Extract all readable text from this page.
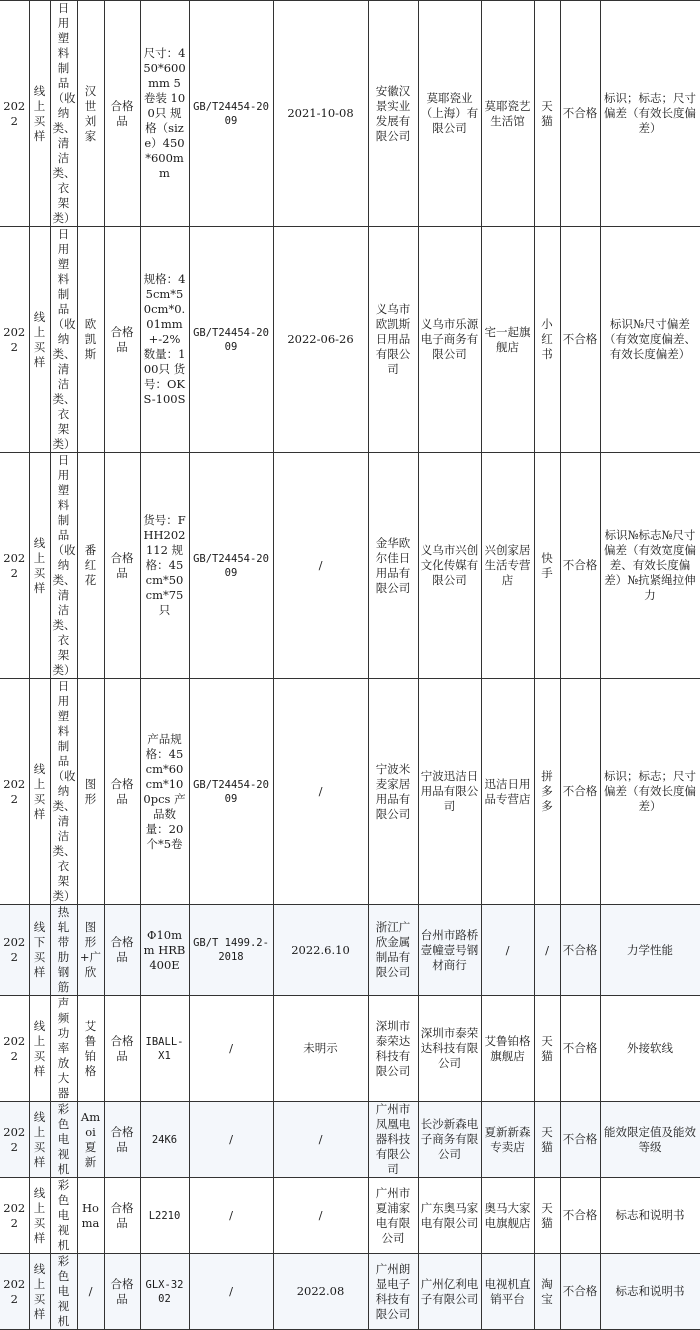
2022	线上买样	日用塑料制品（收纳类、清洁类、衣架类）	汉世刘家	合格品	尺寸：450*600mm 5卷装 100只 规格（size）450*600mm	GB/T24454-2009	2021-10-08	安徽汉景实业发展有限公司	莫耶瓷业（上海）有限公司	莫耶瓷艺生活馆	天猫	不合格	标识；标志；尺寸偏差（有效长度偏差）
2022	线上买样	日用塑料制品（收纳类、清洁类、衣架类）	欧凯斯	合格品	规格：45cm*50cm*0.01mm+-2% 数量：100只 货号：OKS-100S	GB/T24454-2009	2022-06-26	义乌市欧凯斯日用品有限公司	义乌市乐源电子商务有限公司	宅一起旗舰店	小红书	不合格	标识№尺寸偏差（有效宽度偏差、有效长度偏差）
2022	线上买样	日用塑料制品（收纳类、清洁类、衣架类）	番红花	合格品	货号：FHH202112 规格：45cm*50cm*75只	GB/T24454-2009	/	金华欧尔佳日用品有限公司	义乌市兴创文化传媒有限公司	兴创家居生活专营店	快手	不合格	标识№标志№尺寸偏差（有效宽度偏差、有效长度偏差）№抗紧绳拉伸力
2022	线上买样	日用塑料制品（收纳类、清洁类、衣架类）	图形	合格品	产品规格：45cm*60cm*100pcs 产品数量：20个*5卷	GB/T24454-2009	/	宁波米麦家居用品有限公司	宁波迅洁日用品有限公司	迅洁日用品专营店	拼多多	不合格	标识；标志；尺寸偏差（有效长度偏差）
2022	线下买样	热轧带肋钢筋	图形+广欣	合格品	Φ10mm HRB400E	GB/T 1499.2-2018	2022.6.10	浙江广欣金属制品有限公司	台州市路桥壹幢壹号钢材商行	/	/	不合格	力学性能
2022	线上买样	声频功率放大器	艾鲁铂格	合格品	IBALL-X1	/	未明示	深圳市泰荣达科技有限公司	深圳市泰荣达科技有限公司	艾鲁铂格旗舰店	天猫	不合格	外接软线
2022	线上买样	彩色电视机	Amoi夏新	合格品	24K6	/	/	广州市凤凰电器科技有限公司	长沙新森电子商务有限公司	夏新新森专卖店	天猫	不合格	能效限定值及能效等级
2022	线上买样	彩色电视机	Homa	合格品	L2210	/	/	广州市夏浦家电有限公司	广东奥马家电有限公司	奥马大家电旗舰店	天猫	不合格	标志和说明书
2022	线上买样	彩色电视机	/	合格品	GLX-3202	/	2022.08	广州朗显电子科技有限公司	广州亿利电子有限公司	电视机直销平台	淘宝	不合格	标志和说明书
